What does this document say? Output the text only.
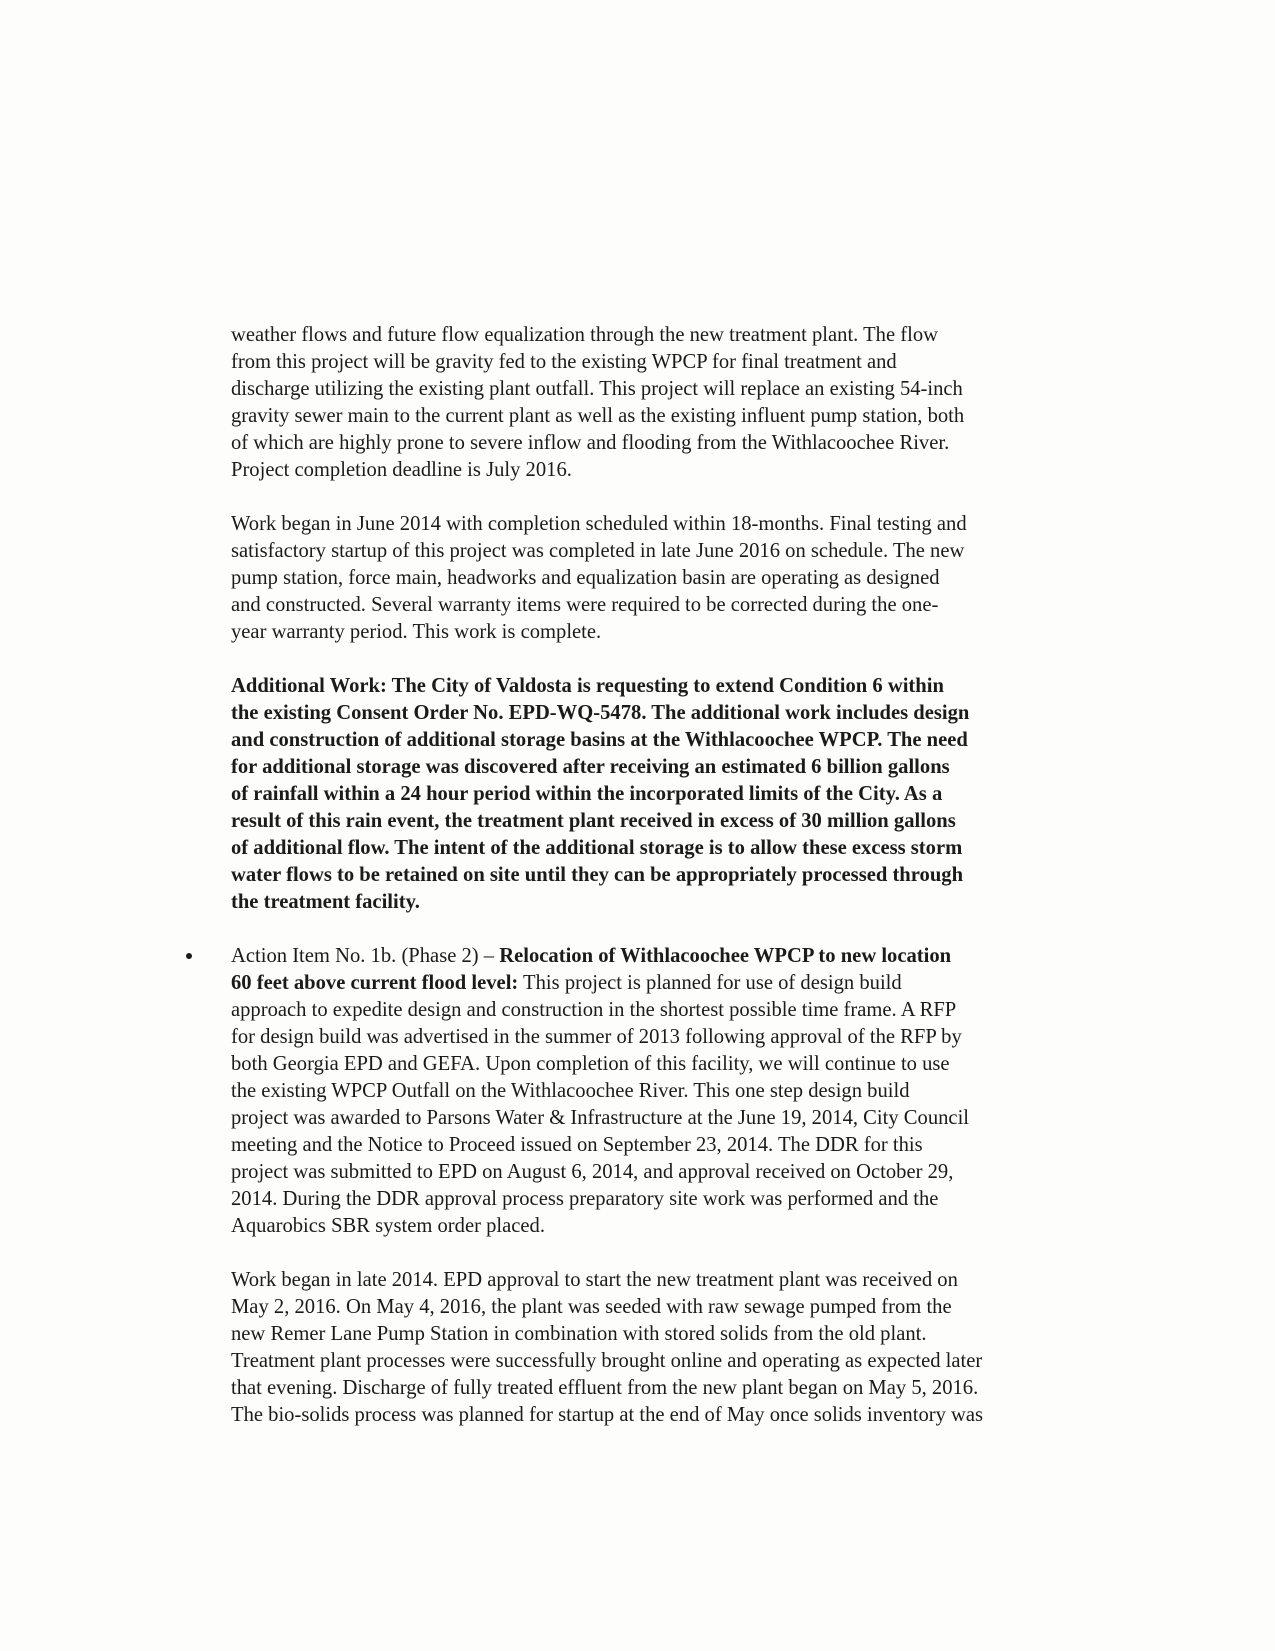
weather flows and future flow equalization through the new treatment plant. The flow
from this project will be gravity fed to the existing WPCP for final treatment and
discharge utilizing the existing plant outfall. This project will replace an existing 54-inch
gravity sewer main to the current plant as well as the existing influent pump station, both
of which are highly prone to severe inflow and flooding from the Withlacoochee River.
Project completion deadline is July 2016.
Work began in June 2014 with completion scheduled within 18-months. Final testing and
satisfactory startup of this project was completed in late June 2016 on schedule. The new
pump station, force main, headworks and equalization basin are operating as designed
and constructed. Several warranty items were required to be corrected during the one-
year warranty period. This work is complete.
Additional Work: The City of Valdosta is requesting to extend Condition 6 within
the existing Consent Order No. EPD-WQ-5478. The additional work includes design
and construction of additional storage basins at the Withlacoochee WPCP. The need
for additional storage was discovered after receiving an estimated 6 billion gallons
of rainfall within a 24 hour period within the incorporated limits of the City. As a
result of this rain event, the treatment plant received in excess of 30 million gallons
of additional flow. The intent of the additional storage is to allow these excess storm
water flows to be retained on site until they can be appropriately processed through
the treatment facility.
Action Item No. 1b. (Phase 2) – Relocation of Withlacoochee WPCP to new location
60 feet above current flood level: This project is planned for use of design build
approach to expedite design and construction in the shortest possible time frame. A RFP
for design build was advertised in the summer of 2013 following approval of the RFP by
both Georgia EPD and GEFA. Upon completion of this facility, we will continue to use
the existing WPCP Outfall on the Withlacoochee River. This one step design build
project was awarded to Parsons Water & Infrastructure at the June 19, 2014, City Council
meeting and the Notice to Proceed issued on September 23, 2014. The DDR for this
project was submitted to EPD on August 6, 2014, and approval received on October 29,
2014. During the DDR approval process preparatory site work was performed and the
Aquarobics SBR system order placed.
Work began in late 2014. EPD approval to start the new treatment plant was received on
May 2, 2016. On May 4, 2016, the plant was seeded with raw sewage pumped from the
new Remer Lane Pump Station in combination with stored solids from the old plant.
Treatment plant processes were successfully brought online and operating as expected later
that evening. Discharge of fully treated effluent from the new plant began on May 5, 2016.
The bio-solids process was planned for startup at the end of May once solids inventory was
